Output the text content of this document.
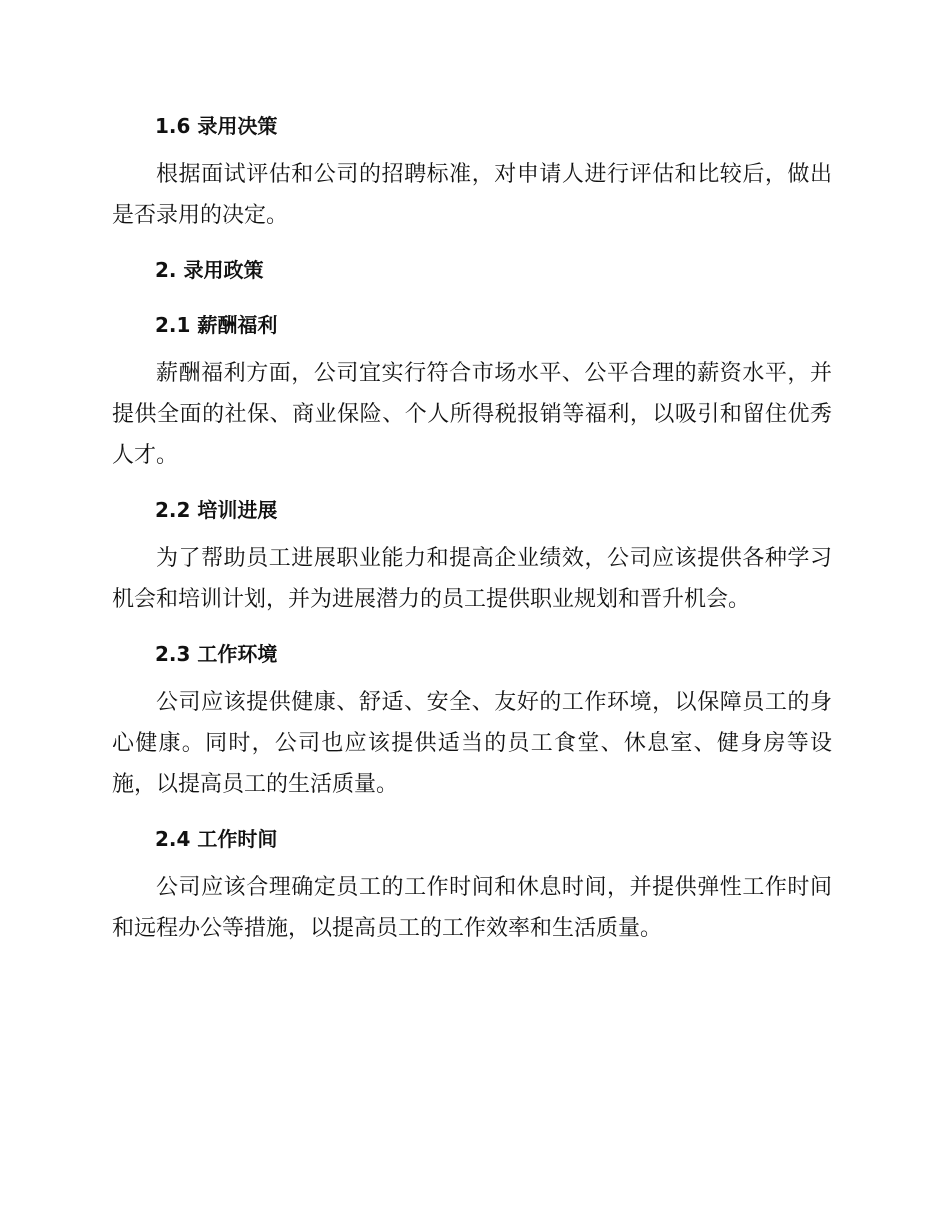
1.6 录用决策

根据面试评估和公司的招聘标准，对申请人进行评估和比较后，做出是否录用的决定。

2. 录用政策
2.1 薪酬福利

薪酬福利方面，公司宜实行符合市场水平、公平合理的薪资水平，并提供全面的社保、商业保险、个人所得税报销等福利，以吸引和留住优秀人才。

2.2 培训进展

为了帮助员工进展职业能力和提高企业绩效，公司应该提供各种学习机会和培训计划，并为进展潜力的员工提供职业规划和晋升机会。

2.3 工作环境

公司应该提供健康、舒适、安全、友好的工作环境，以保障员工的身心健康。同时，公司也应该提供适当的员工食堂、休息室、健身房等设施，以提高员工的生活质量。

2.4 工作时间

公司应该合理确定员工的工作时间和休息时间，并提供弹性工作时间和远程办公等措施，以提高员工的工作效率和生活质量。
